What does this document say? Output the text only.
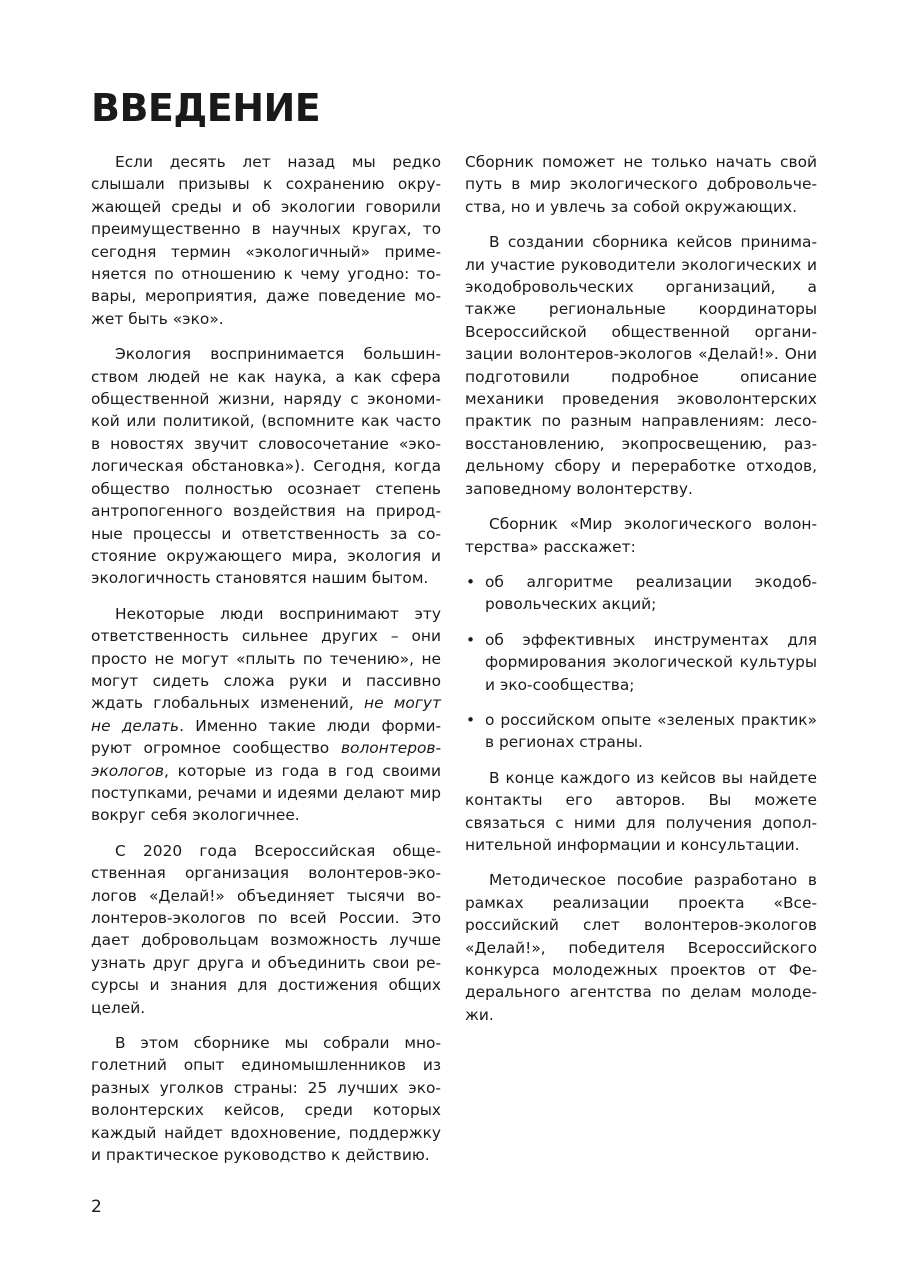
ВВЕДЕНИЕ

Если десять лет назад мы редко слышали призывы к сохранению окружающей среды и об экологии говорили преимущественно в научных кругах, то сегодня термин «экологичный» применяется по отношению к чему угодно: товары, мероприятия, даже поведение может быть «эко».

Экология воспринимается большинством людей не как наука, а как сфера общественной жизни, наряду с экономикой или политикой, (вспомните как часто в новостях звучит словосочетание «экологическая обстановка»). Сегодня, когда общество полностью осознает степень антропогенного воздействия на природные процессы и ответственность за состояние окружающего мира, экология и экологичность становятся нашим бытом.

Некоторые люди воспринимают эту ответственность сильнее других – они просто не могут «плыть по течению», не могут сидеть сложа руки и пассивно ждать глобальных изменений, не могут не делать. Именно такие люди формируют огромное сообщество волонтеров-экологов, которые из года в год своими поступками, речами и идеями делают мир вокруг себя экологичнее.

С 2020 года Всероссийская общественная организация волонтеров-экологов «Делай!» объединяет тысячи волонтеров-экологов по всей России. Это дает добровольцам возможность лучше узнать друг друга и объединить свои ресурсы и знания для достижения общих целей.

В этом сборнике мы собрали многолетний опыт единомышленников из разных уголков страны: 25 лучших эко-волонтерских кейсов, среди которых каждый найдет вдохновение, поддержку и практическое руководство к действию.

Сборник поможет не только начать свой путь в мир экологического добровольчества, но и увлечь за собой окружающих.

В создании сборника кейсов принимали участие руководители экологических и экодобровольческих организаций, а также региональные координаторы Всероссийской общественной организации волонтеров-экологов «Делай!». Они подготовили подробное описание механики проведения эковолонтерских практик по разным направлениям: лесовосстановлению, экопросвещению, раздельному сбору и переработке отходов, заповедному волонтерству.

Сборник «Мир экологического волонтерства» расскажет:

• об алгоритме реализации экодобровольческих акций;
• об эффективных инструментах для формирования экологической культуры и эко-сообщества;
• о российском опыте «зеленых практик» в регионах страны.

В конце каждого из кейсов вы найдете контакты его авторов. Вы можете связаться с ними для получения дополнительной информации и консультации.

Методическое пособие разработано в рамках реализации проекта «Всероссийский слет волонтеров-экологов «Делай!», победителя Всероссийского конкурса молодежных проектов от Федерального агентства по делам молодежи.

2
